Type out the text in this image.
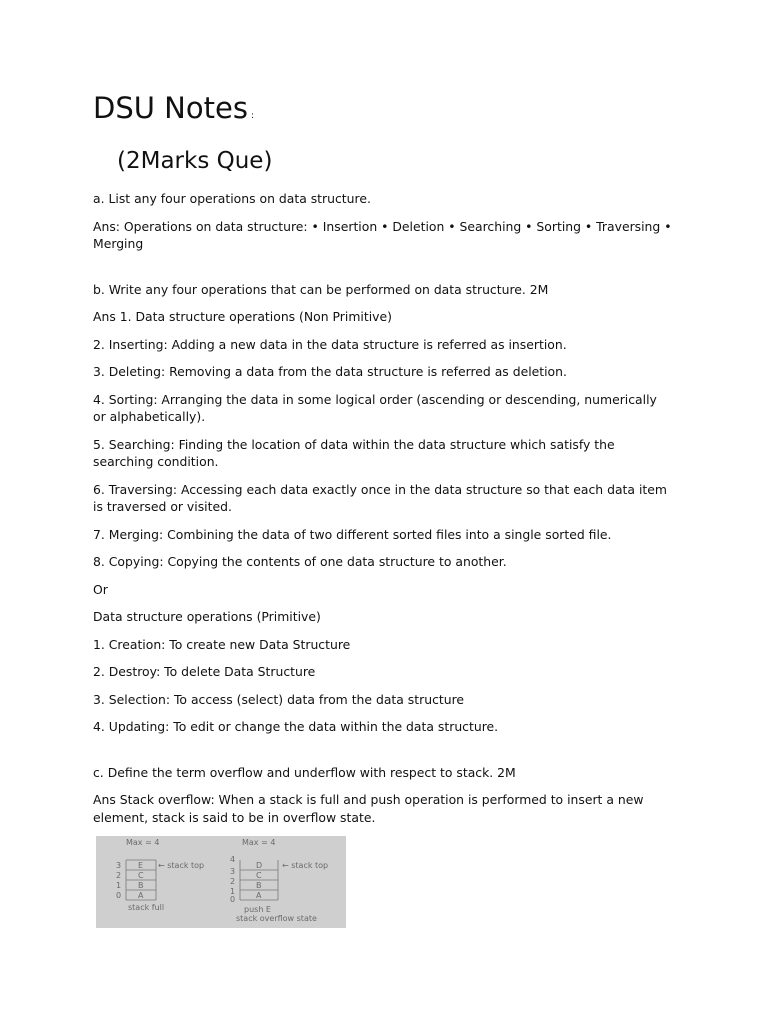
DSU Notes :
(2Marks Que)

a. List any four operations on data structure.

Ans: Operations on data structure: • Insertion • Deletion • Searching • Sorting • Traversing • Merging

b. Write any four operations that can be performed on data structure. 2M

Ans 1. Data structure operations (Non Primitive)

2. Inserting: Adding a new data in the data structure is referred as insertion.

3. Deleting: Removing a data from the data structure is referred as deletion.

4. Sorting: Arranging the data in some logical order (ascending or descending, numerically or alphabetically).

5. Searching: Finding the location of data within the data structure which satisfy the searching condition.

6. Traversing: Accessing each data exactly once in the data structure so that each data item is traversed or visited.

7. Merging: Combining the data of two different sorted files into a single sorted file.

8. Copying: Copying the contents of one data structure to another.

Or

Data structure operations (Primitive)

1. Creation: To create new Data Structure

2. Destroy: To delete Data Structure

3. Selection: To access (select) data from the data structure

4. Updating: To edit or change the data within the data structure.

c. Define the term overflow and underflow with respect to stack. 2M

Ans Stack overflow: When a stack is full and push operation is performed to insert a new element, stack is said to be in overflow state.

Max = 4
3
2
1
0
E
C
B
A
← stack top
stack full
Max = 4
4
3
2
1
0
D
C
B
A
← stack top
push E
stack overflow state
